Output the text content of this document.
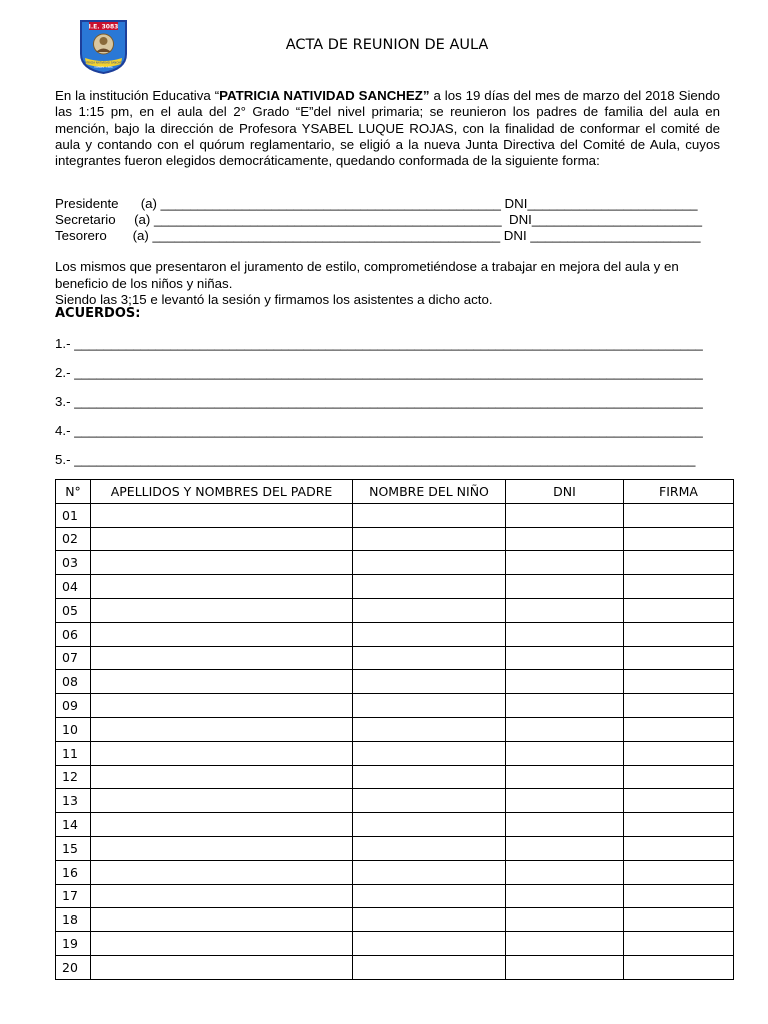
I.E. 3083
PATRICIA NATIVIDAD SANCHEZ
COMAS - LIMA
ACTA DE REUNION DE AULA
En la institución Educativa “PATRICIA NATIVIDAD SANCHEZ” a los 19 días del mes de marzo del 2018 Siendo las 1:15 pm, en el aula del 2° Grado “E”del nivel primaria; se reunieron los padres de familia del aula en mención, bajo la dirección de Profesora YSABEL LUQUE ROJAS, con la finalidad de conformar el comité de aula y contando con el quórum reglamentario, se eligió a la nueva Junta Directiva del Comité de Aula, cuyos integrantes fueron elegidos democráticamente, quedando conformada de la siguiente forma:
Presidente      (a) ______________________________________________ DNI_______________________
Secretario     (a) _______________________________________________  DNI_______________________
Tesorero       (a) _______________________________________________ DNI _______________________
Los mismos que presentaron el juramento de estilo, comprometiéndose a trabajar en mejora del aula y en beneficio de los niños y niñas.
Siendo las 3;15 e levantó la sesión y firmamos los asistentes a dicho acto.
ACUERDOS:
1.- _____________________________________________________________________________________
2.- _____________________________________________________________________________________
3.- _____________________________________________________________________________________
4.- _____________________________________________________________________________________
5.- ____________________________________________________________________________________
N°	APELLIDOS Y NOMBRES DEL PADRE	NOMBRE DEL NIÑO	DNI	FIRMA
01				
02				
03				
04				
05				
06				
07				
08				
09				
10				
11				
12				
13				
14				
15				
16				
17				
18				
19				
20				
